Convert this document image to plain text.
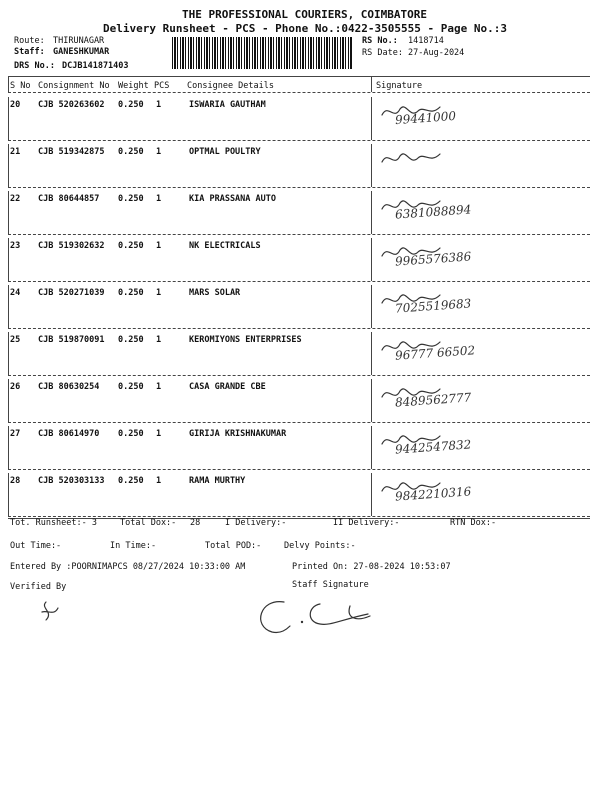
THE PROFESSIONAL COURIERS, COIMBATORE
Delivery Runsheet - PCS - Phone No.:0422-3505555 - Page No.:3
Route: THIRUNAGAR
Staff: GANESHKUMAR
DRS No.: DCJB141871403
RS No.: 1418714
RS Date: 27-Aug-2024
S No Consignment No Weight PCS Consignee Details	Signature
20 CJB 520263602 0.250 1	ISWARIA GAUTHAM
99441000
21 CJB 519342875 0.250 1	OPTMAL POULTRY
22 CJB 80644857 0.250 1	KIA PRASSANA AUTO
6381088894
23 CJB 519302632 0.250 1	NK ELECTRICALS
9965576386
24 CJB 520271039 0.250 1	MARS SOLAR
7025519683
25 CJB 519870091 0.250 1	KEROMIYONS ENTERPRISES
96777 66502
26 CJB 80630254 0.250 1	CASA GRANDE CBE
8489562777
27 CJB 80614970 0.250 1	GIRIJA KRISHNAKUMAR
9442547832
28 CJB 520303133 0.250 1	RAMA MURTHY
9842210316
Tot. Runsheet:- 3	Total Dox:- 28	I Delivery:-	II Delivery:-	RTN Dox:-
Out Time:-	In Time:-	Total POD:-	Delvy Points:-
Entered By :POORNIMAPCS 08/27/2024 10:33:00 AM	Printed On: 27-08-2024 10:53:07
Verified By	Staff Signature
